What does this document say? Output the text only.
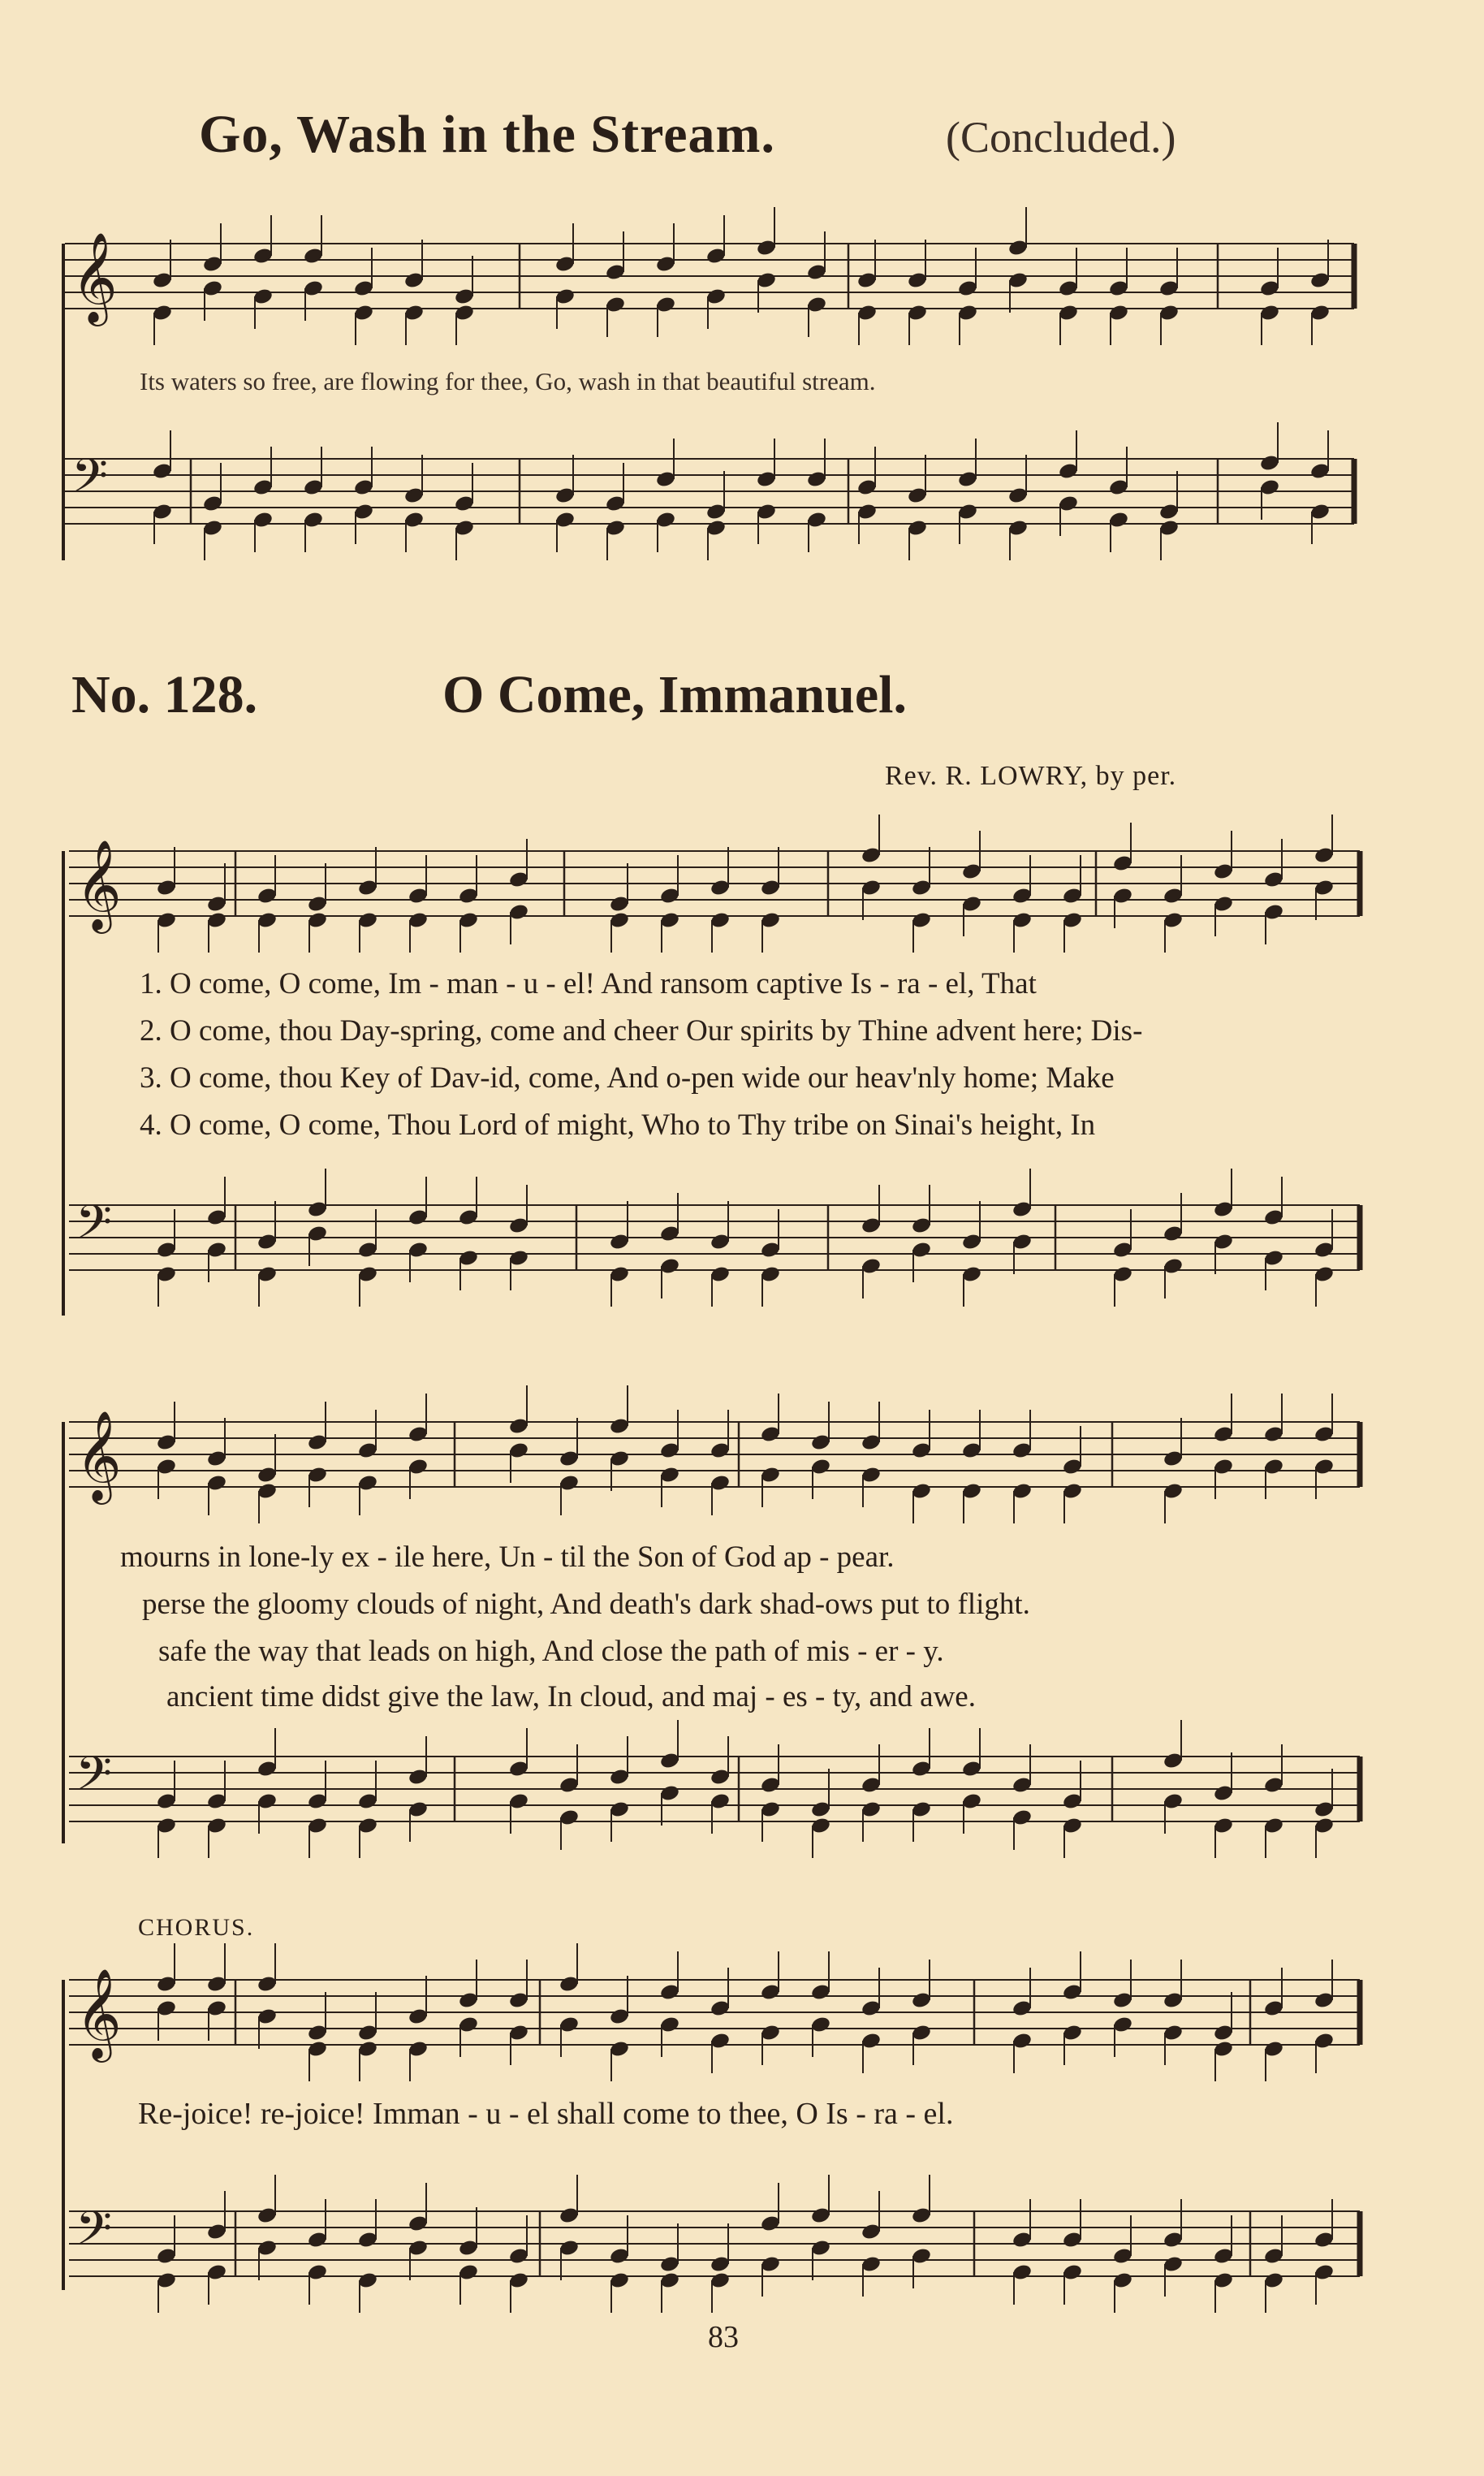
Go, Wash in the Stream.	(Concluded.)
Its waters so free, are flowing for thee, Go, wash in that beautiful stream.
No. 128.	O Come, Immanuel.
Rev. R. LOWRY, by per.
1. O come, O come, Im - man - u - el! And ransom captive Is - ra - el, That
2. O come, thou Day-spring, come and cheer Our spirits by Thine advent here; Dis-
3. O come, thou Key of Dav-id, come, And o-pen wide our heav'nly home; Make
4. O come, O come, Thou Lord of might, Who to Thy tribe on Sinai's height, In
mourns in lone-ly ex - ile here, Un - til the Son of God ap - pear.
perse the gloomy clouds of night, And death's dark shad-ows put to flight.
safe the way that leads on high, And close the path of mis - er - y.
ancient time didst give the law, In cloud, and maj - es - ty, and awe.
CHORUS.
Re-joice! re-joice! Imman - u - el shall come to thee, O Is - ra - el.
83
𝄞
𝄢
𝄞
𝄢
𝄞
𝄢
𝄞
𝄢
